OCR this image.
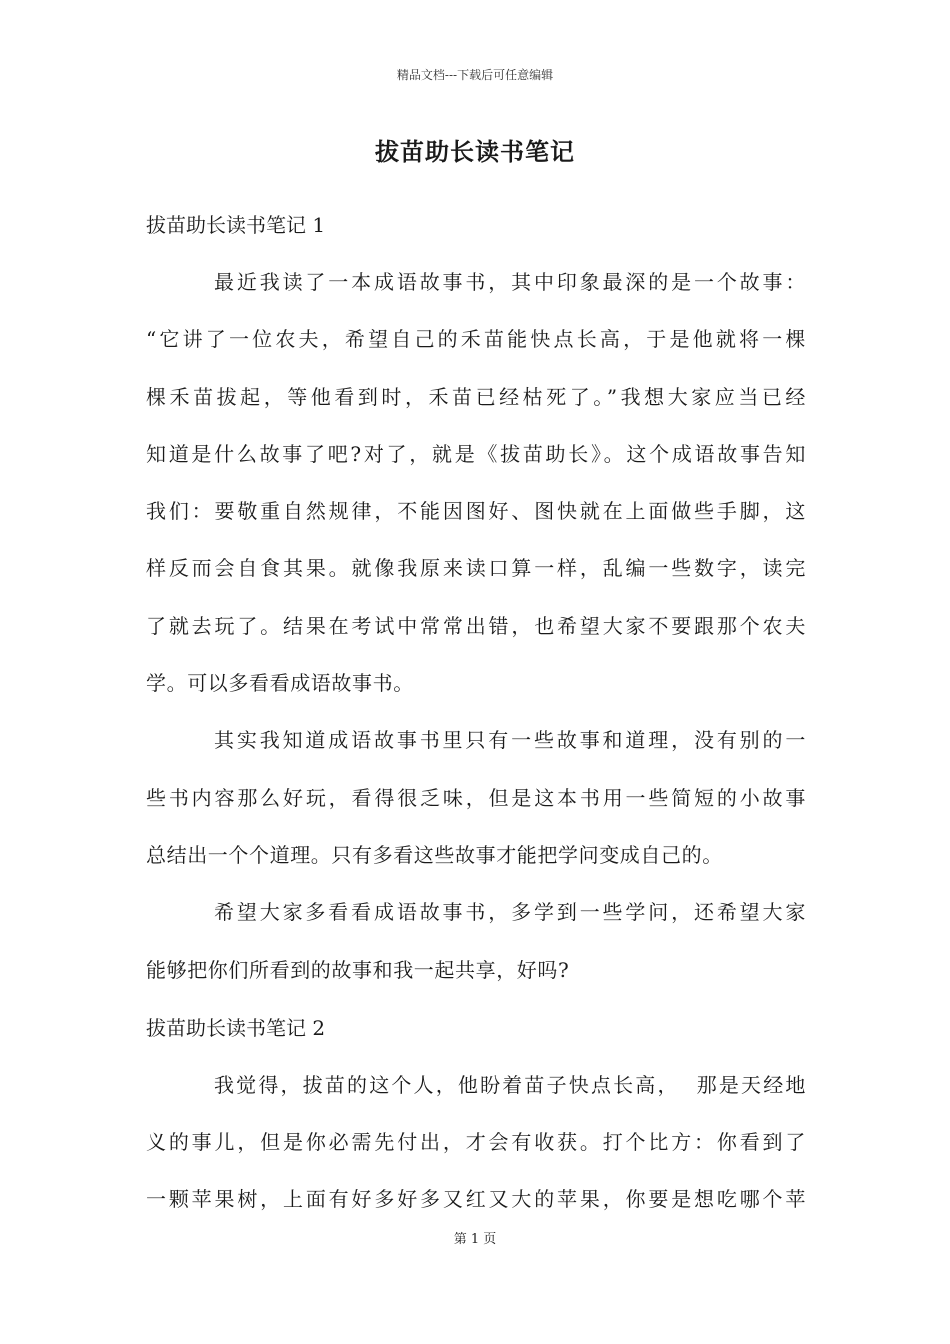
精品文档---下载后可任意编辑
拔苗助长读书笔记
拔苗助长读书笔记 1
最近我读了一本成语故事书，其中印象最深的是一个故事：
“它讲了一位农夫，希望自己的禾苗能快点长高，于是他就将一棵
棵禾苗拔起，等他看到时，禾苗已经枯死了。”我想大家应当已经
知道是什么故事了吧?对了，就是《拔苗助长》。这个成语故事告知
我们：要敬重自然规律，不能因图好、图快就在上面做些手脚，这
样反而会自食其果。就像我原来读口算一样，乱编一些数字，读完
了就去玩了。结果在考试中常常出错，也希望大家不要跟那个农夫
学。可以多看看成语故事书。
其实我知道成语故事书里只有一些故事和道理，没有别的一
些书内容那么好玩，看得很乏味，但是这本书用一些简短的小故事
总结出一个个道理。只有多看这些故事才能把学问变成自己的。
希望大家多看看成语故事书，多学到一些学问，还希望大家
能够把你们所看到的故事和我一起共享，好吗?
拔苗助长读书笔记 2
我觉得，拔苗的这个人，他盼着苗子快点长高，  那是天经地
义的事儿，但是你必需先付出，才会有收获。打个比方：你看到了
一颗苹果树，上面有好多好多又红又大的苹果，你要是想吃哪个苹
第 1 页
